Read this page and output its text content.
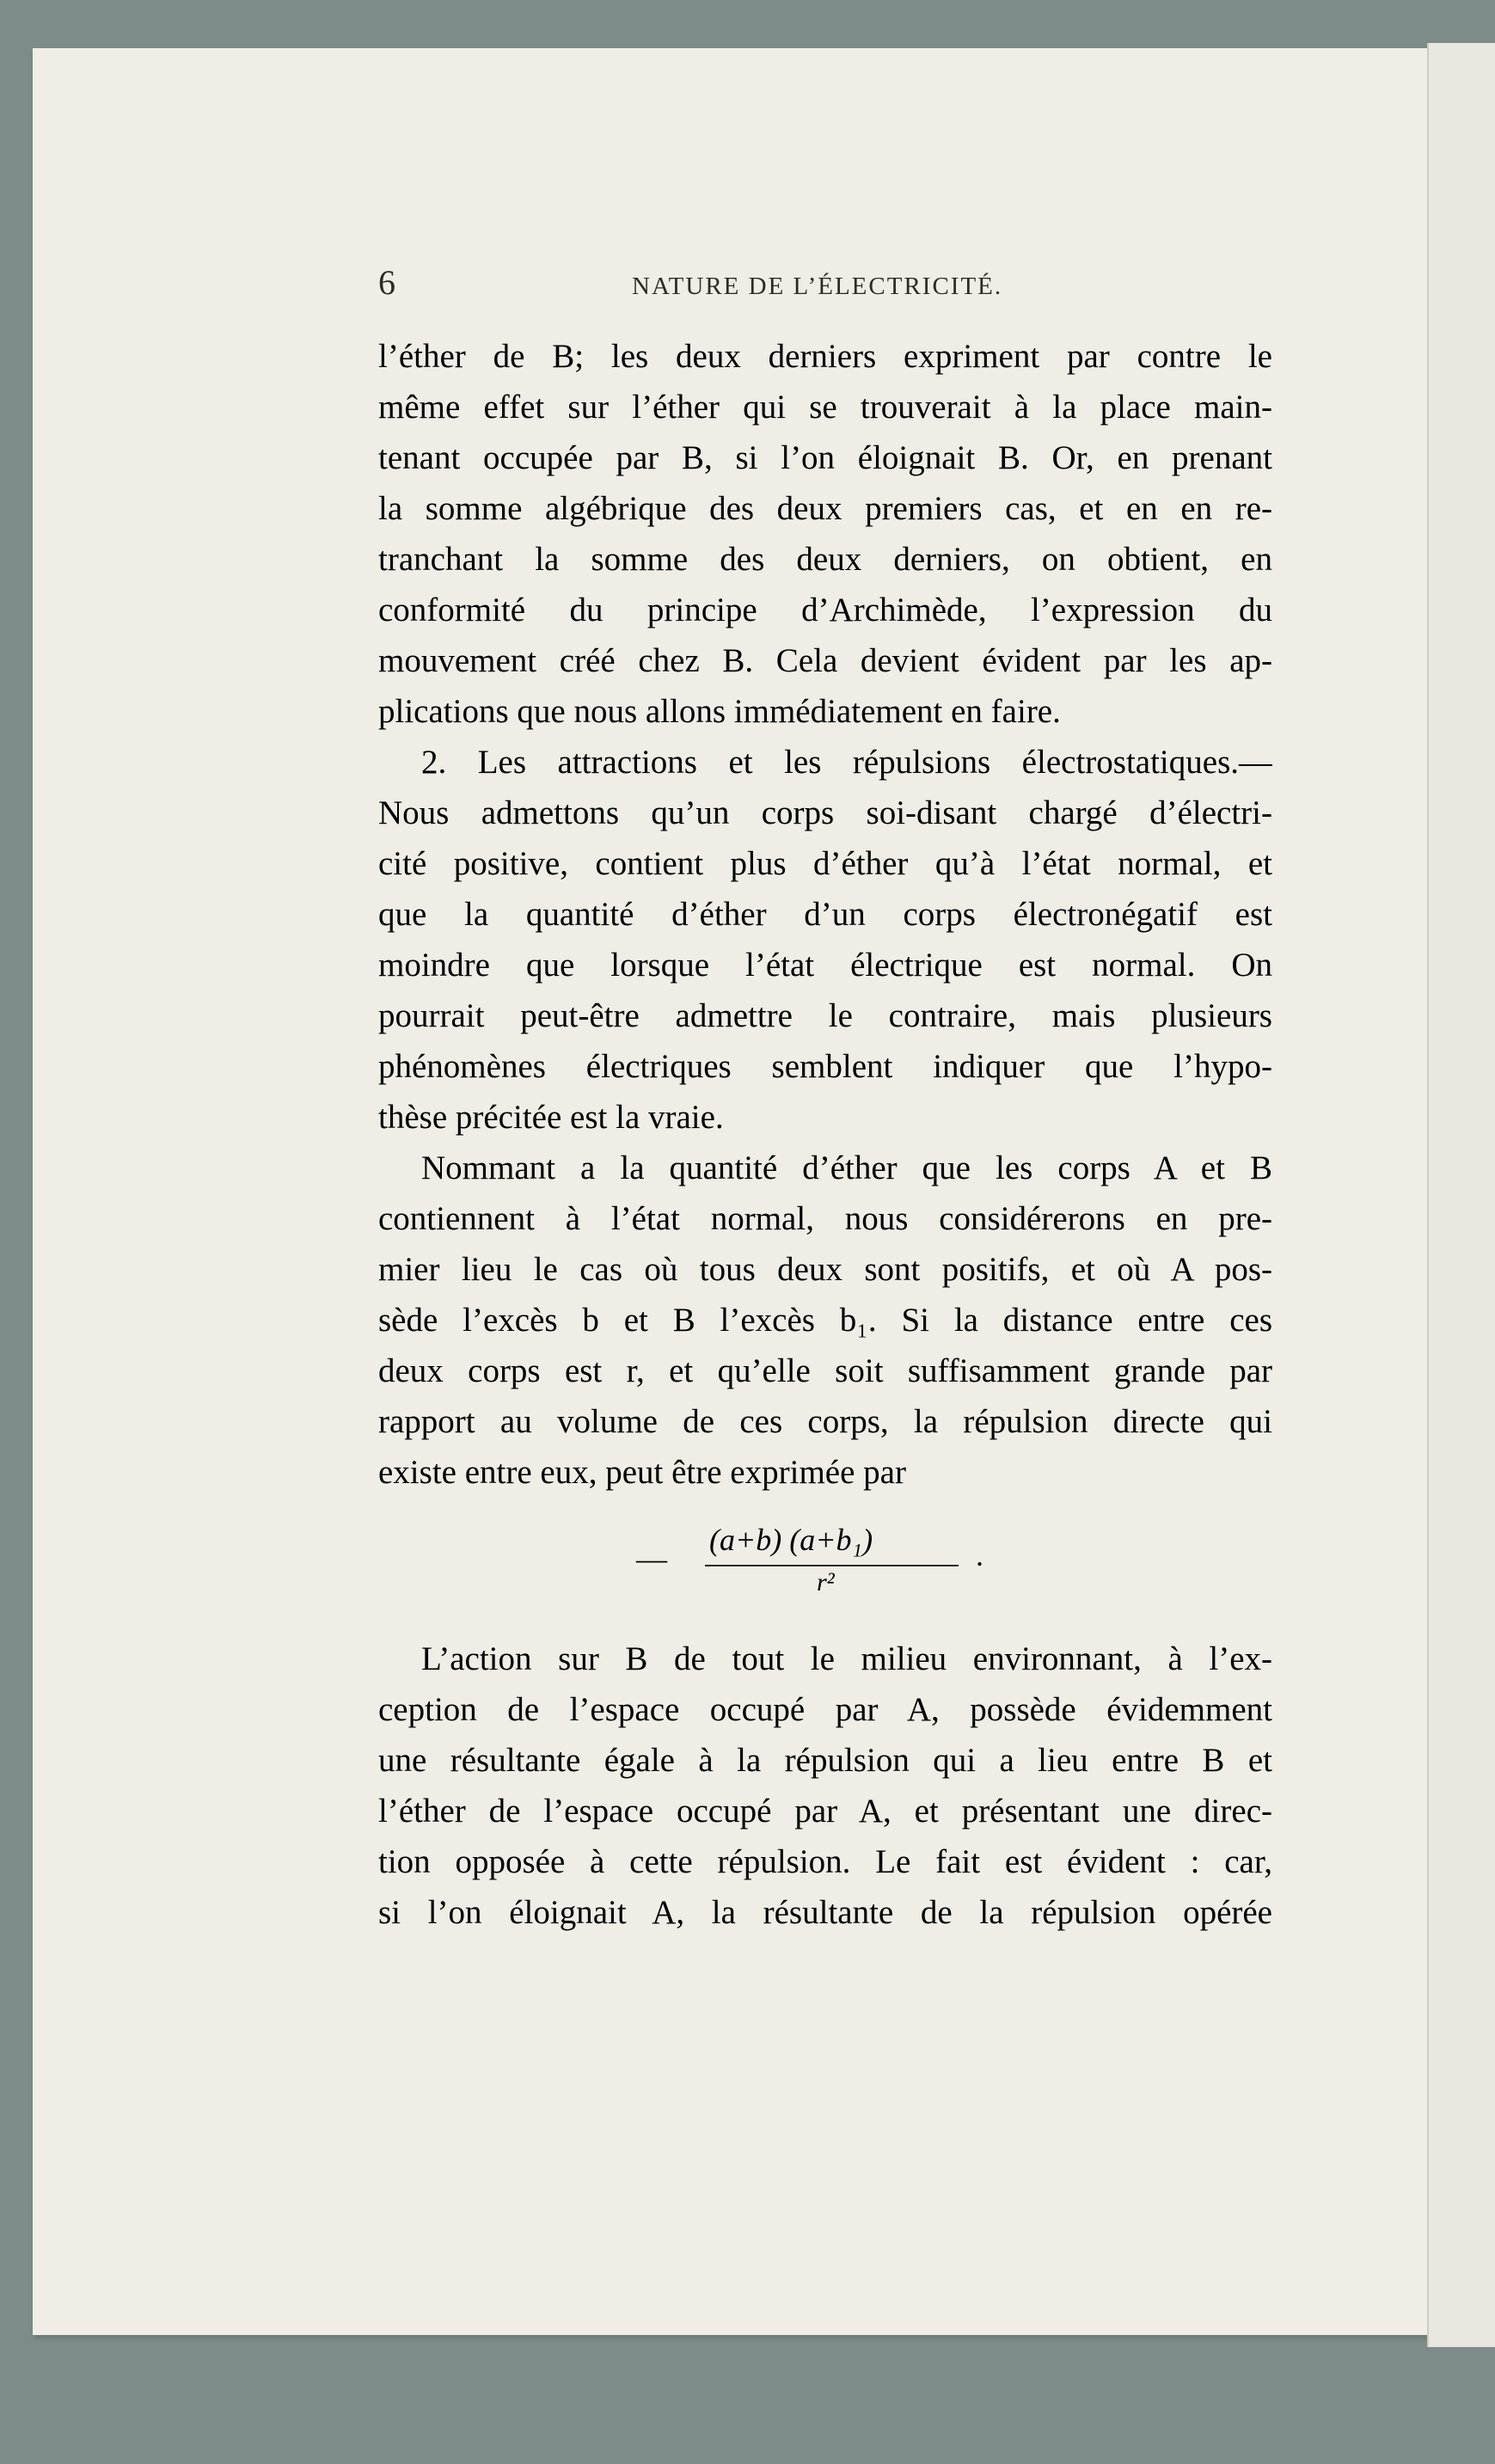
6	NATURE DE L’ÉLECTRICITÉ.
l’éther de B; les deux derniers expriment par contre le
même effet sur l’éther qui se trouverait à la place main-
tenant occupée par B, si l’on éloignait B. Or, en prenant
la somme algébrique des deux premiers cas, et en en re-
tranchant la somme des deux derniers, on obtient, en
conformité du principe d’Archimède, l’expression du
mouvement créé chez B. Cela devient évident par les ap-
plications que nous allons immédiatement en faire.
2. Les attractions et les répulsions électrostatiques.—
Nous admettons qu’un corps soi-disant chargé d’électri-
cité positive, contient plus d’éther qu’à l’état normal, et
que la quantité d’éther d’un corps électronégatif est
moindre que lorsque l’état électrique est normal. On
pourrait peut-être admettre le contraire, mais plusieurs
phénomènes électriques semblent indiquer que l’hypo-
thèse précitée est la vraie.
Nommant a la quantité d’éther que les corps A et B
contiennent à l’état normal, nous considérerons en pre-
mier lieu le cas où tous deux sont positifs, et où A pos-
sède l’excès b et B l’excès b₁. Si la distance entre ces
deux corps est r, et qu’elle soit suffisamment grande par
rapport au volume de ces corps, la répulsion directe qui
existe entre eux, peut être exprimée par
—
(a+b) (a+b₁)
r²
.
L’action sur B de tout le milieu environnant, à l’ex-
ception de l’espace occupé par A, possède évidemment
une résultante égale à la répulsion qui a lieu entre B et
l’éther de l’espace occupé par A, et présentant une direc-
tion opposée à cette répulsion. Le fait est évident : car,
si l’on éloignait A, la résultante de la répulsion opérée
